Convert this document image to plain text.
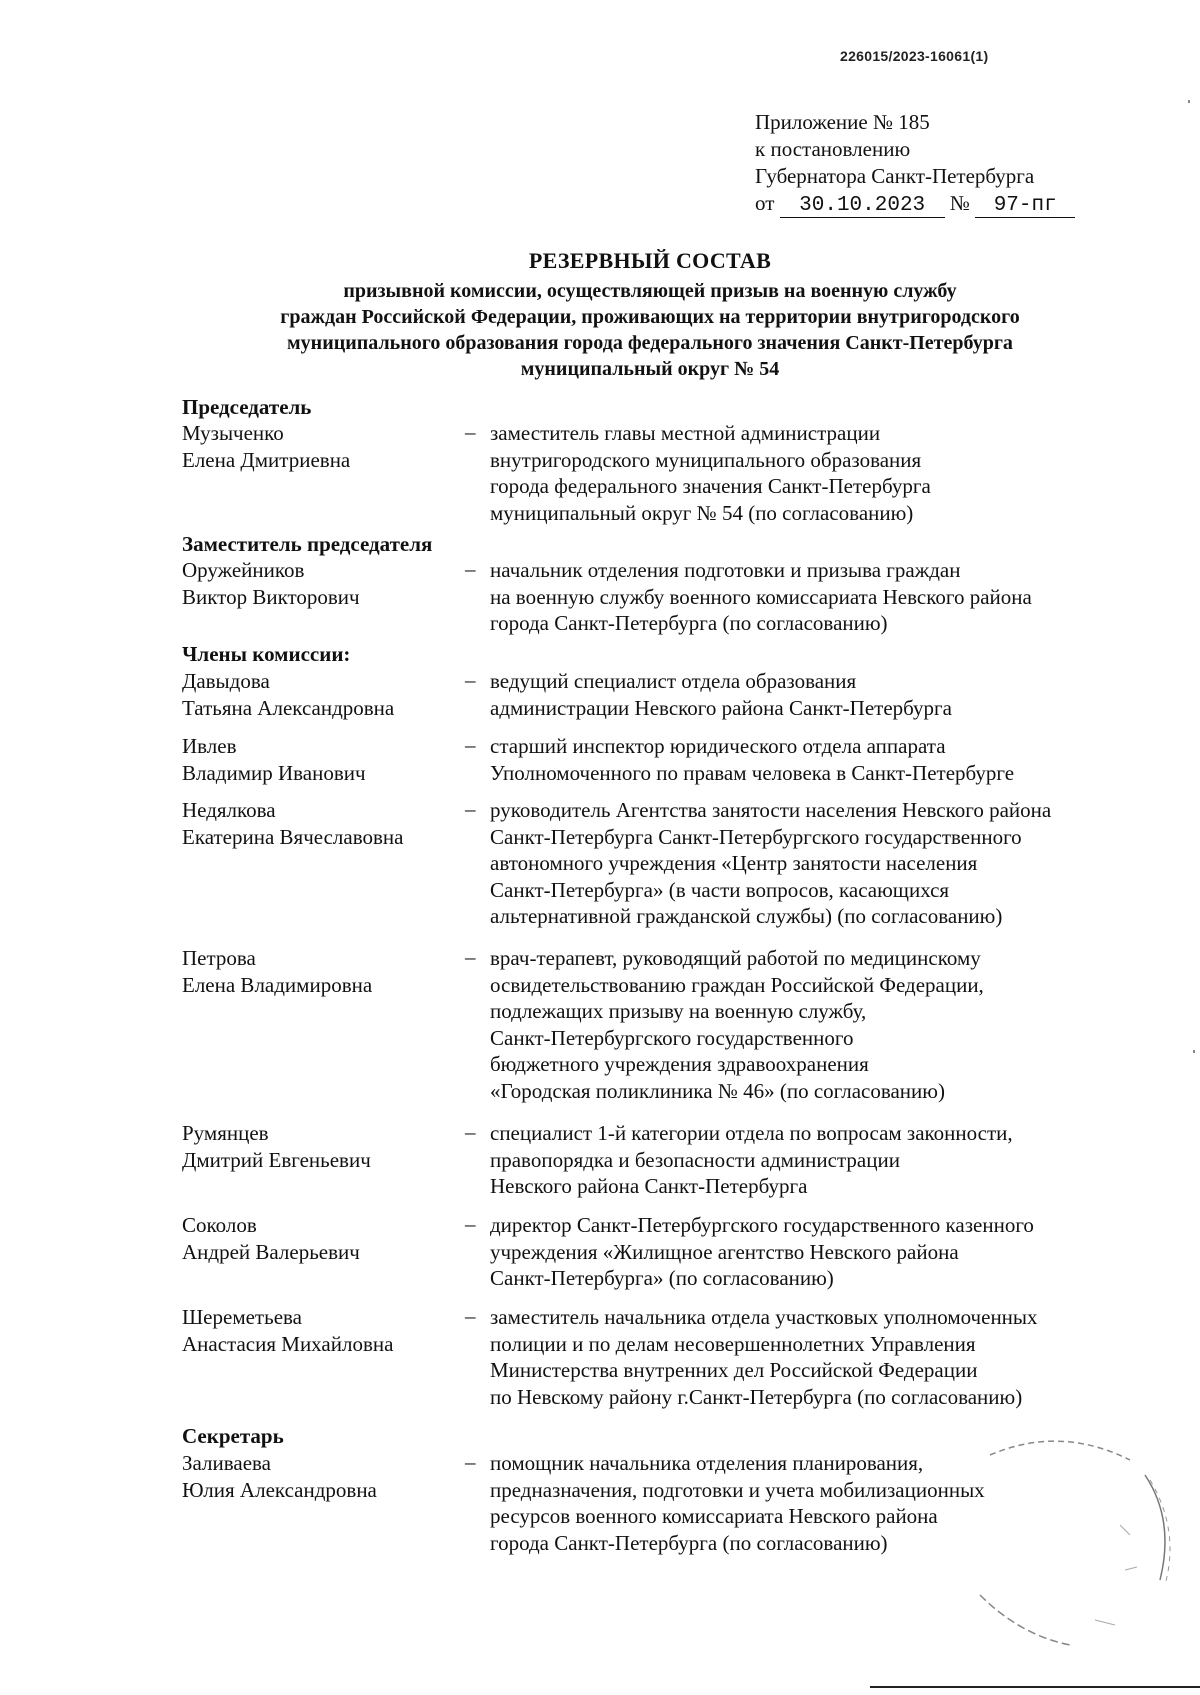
226015/2023-16061(1)
Приложение № 185
к постановлению
Губернатора Санкт-Петербурга
от 30.10.2023 № 97-пг
РЕЗЕРВНЫЙ СОСТАВ
призывной комиссии, осуществляющей призыв на военную службу
граждан Российской Федерации, проживающих на территории внутригородского
муниципального образования города федерального значения Санкт-Петербурга
муниципальный округ № 54
Председатель
Музыченко
Елена Дмитриевна
– заместитель главы местной администрации
внутригородского муниципального образования
города федерального значения Санкт-Петербурга
муниципальный округ № 54 (по согласованию)
Заместитель председателя
Оружейников
Виктор Викторович
– начальник отделения подготовки и призыва граждан
на военную службу военного комиссариата Невского района
города Санкт-Петербурга (по согласованию)
Члены комиссии:
Давыдова
Татьяна Александровна
– ведущий специалист отдела образования
администрации Невского района Санкт-Петербурга
Ивлев
Владимир Иванович
– старший инспектор юридического отдела аппарата
Уполномоченного по правам человека в Санкт-Петербурге
Недялкова
Екатерина Вячеславовна
– руководитель Агентства занятости населения Невского района
Санкт-Петербурга Санкт-Петербургского государственного
автономного учреждения «Центр занятости населения
Санкт-Петербурга» (в части вопросов, касающихся
альтернативной гражданской службы) (по согласованию)
Петрова
Елена Владимировна
– врач-терапевт, руководящий работой по медицинскому
освидетельствованию граждан Российской Федерации,
подлежащих призыву на военную службу,
Санкт-Петербургского государственного
бюджетного учреждения здравоохранения
«Городская поликлиника № 46» (по согласованию)
Румянцев
Дмитрий Евгеньевич
– специалист 1-й категории отдела по вопросам законности,
правопорядка и безопасности администрации
Невского района Санкт-Петербурга
Соколов
Андрей Валерьевич
– директор Санкт-Петербургского государственного казенного
учреждения «Жилищное агентство Невского района
Санкт-Петербурга» (по согласованию)
Шереметьева
Анастасия Михайловна
– заместитель начальника отдела участковых уполномоченных
полиции и по делам несовершеннолетних Управления
Министерства внутренних дел Российской Федерации
по Невскому району г.Санкт-Петербурга (по согласованию)
Секретарь
Заливаева
Юлия Александровна
– помощник начальника отделения планирования,
предназначения, подготовки и учета мобилизационных
ресурсов военного комиссариата Невского района
города Санкт-Петербурга (по согласованию)
